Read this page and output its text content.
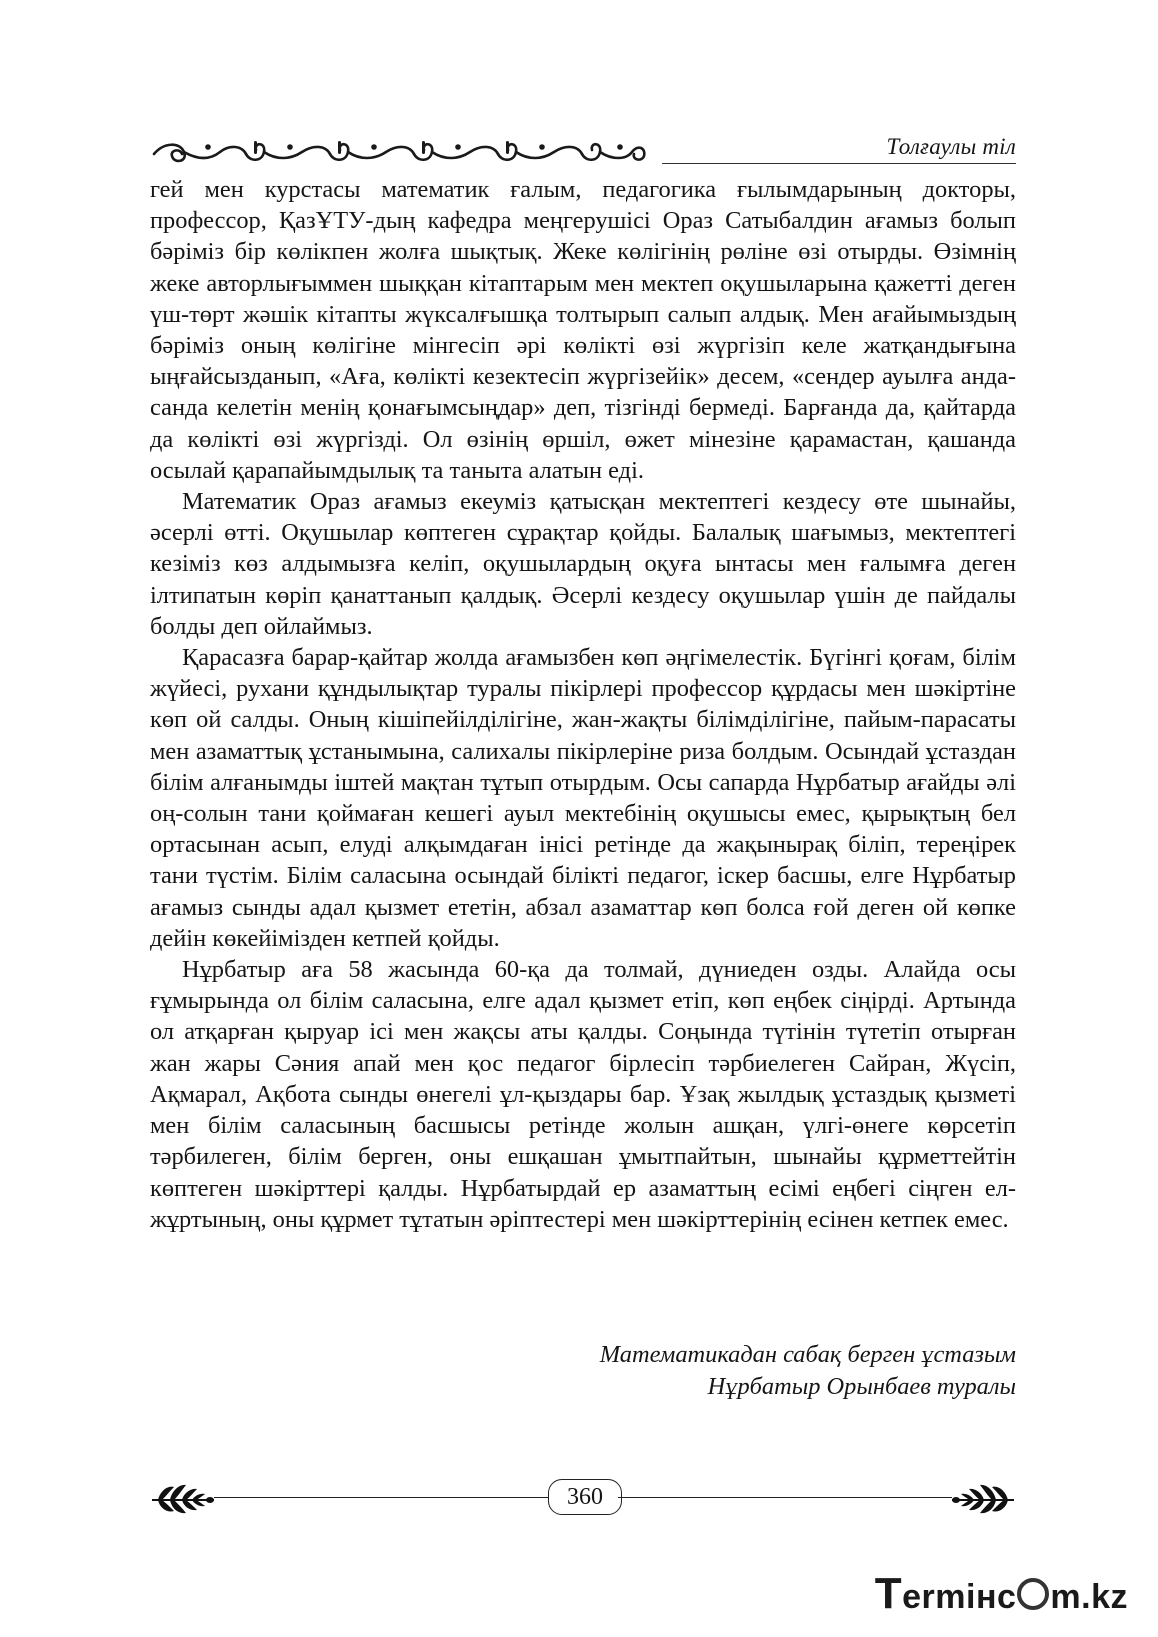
Толғаулы тіл

гей мен курстасы математик ғалым, педагогика ғылымдарының докторы, профессор, ҚазҰТУ-дың кафедра меңгерушісі Ораз Сатыбалдин ағамыз болып бәріміз бір көлікпен жолға шықтық. Жеке көлігінің рөліне өзі отырды. Өзімнің жеке авторлығыммен шыққан кітаптарым мен мектеп оқушыларына қажетті деген үш-төрт жәшік кітапты жүксалғышқа толтырып салып алдық. Мен ағайымыздың бәріміз оның көлігіне мінгесіп әрі көлікті өзі жүргізіп келе жатқандығына ыңғайсызданып, «Аға, көлікті кезектесіп жүргізейік» десем, «сендер ауылға анда-санда келетін менің қонағымсыңдар» деп, тізгінді бермеді. Барғанда да, қайтарда да көлікті өзі жүргізді. Ол өзінің өршіл, өжет мінезіне қарамастан, қашанда осылай қарапайымдылық та таныта алатын еді.

Математик Ораз ағамыз екеуміз қатысқан мектептегі кездесу өте шынайы, әсерлі өтті. Оқушылар көптеген сұрақтар қойды. Балалық шағымыз, мектептегі кезіміз көз алдымызға келіп, оқушылардың оқуға ынтасы мен ғалымға деген ілтипатын көріп қанаттанып қалдық. Әсерлі кездесу оқушылар үшін де пайдалы болды деп ойлаймыз.

Қарасазға барар-қайтар жолда ағамызбен көп әңгімелестік. Бүгінгі қоғам, білім жүйесі, рухани құндылықтар туралы пікірлері профессор құрдасы мен шәкіртіне көп ой салды. Оның кішіпейілділігіне, жан-жақты білімділігіне, пайым-парасаты мен азаматтық ұстанымына, салихалы пікірлеріне риза болдым. Осындай ұстаздан білім алғанымды іштей мақтан тұтып отырдым. Осы сапарда Нұрбатыр ағайды әлі оң-солын тани қоймаған кешегі ауыл мектебінің оқушысы емес, қырықтың бел ортасынан асып, елуді алқымдаған інісі ретінде да жақынырақ біліп, тереңірек тани түстім. Білім саласына осындай білікті педагог, іскер басшы, елге Нұрбатыр ағамыз сынды адал қызмет ететін, абзал азаматтар көп болса ғой деген ой көпке дейін көкейімізден кетпей қойды.

Нұрбатыр аға 58 жасында 60-қа да толмай, дүниеден озды. Алайда осы ғұмырында ол білім саласына, елге адал қызмет етіп, көп еңбек сіңірді. Артында ол атқарған қыруар ісі мен жақсы аты қалды. Соңында түтінін түтетіп отырған жан жары Сәния апай мен қос педагог бірлесіп тәрбиелеген Сайран, Жүсіп, Ақмарал, Ақбота сынды өнегелі ұл-қыздары бар. Ұзақ жылдық ұстаздық қызметі мен білім саласының басшысы ретінде жолын ашқан, үлгі-өнеге көрсетіп тәрбилеген, білім берген, оны ешқашан ұмытпайтын, шынайы құрметтейтін көптеген шәкірттері қалды. Нұрбатырдай ер азаматтың есімі еңбегі сіңген ел-жұртының, оны құрмет тұтатын әріптестері мен шәкірттерінің есінен кетпек емес.

Математикадан сабақ берген ұстазым
Нұрбатыр Орынбаев туралы
360
Termінc m.kz
